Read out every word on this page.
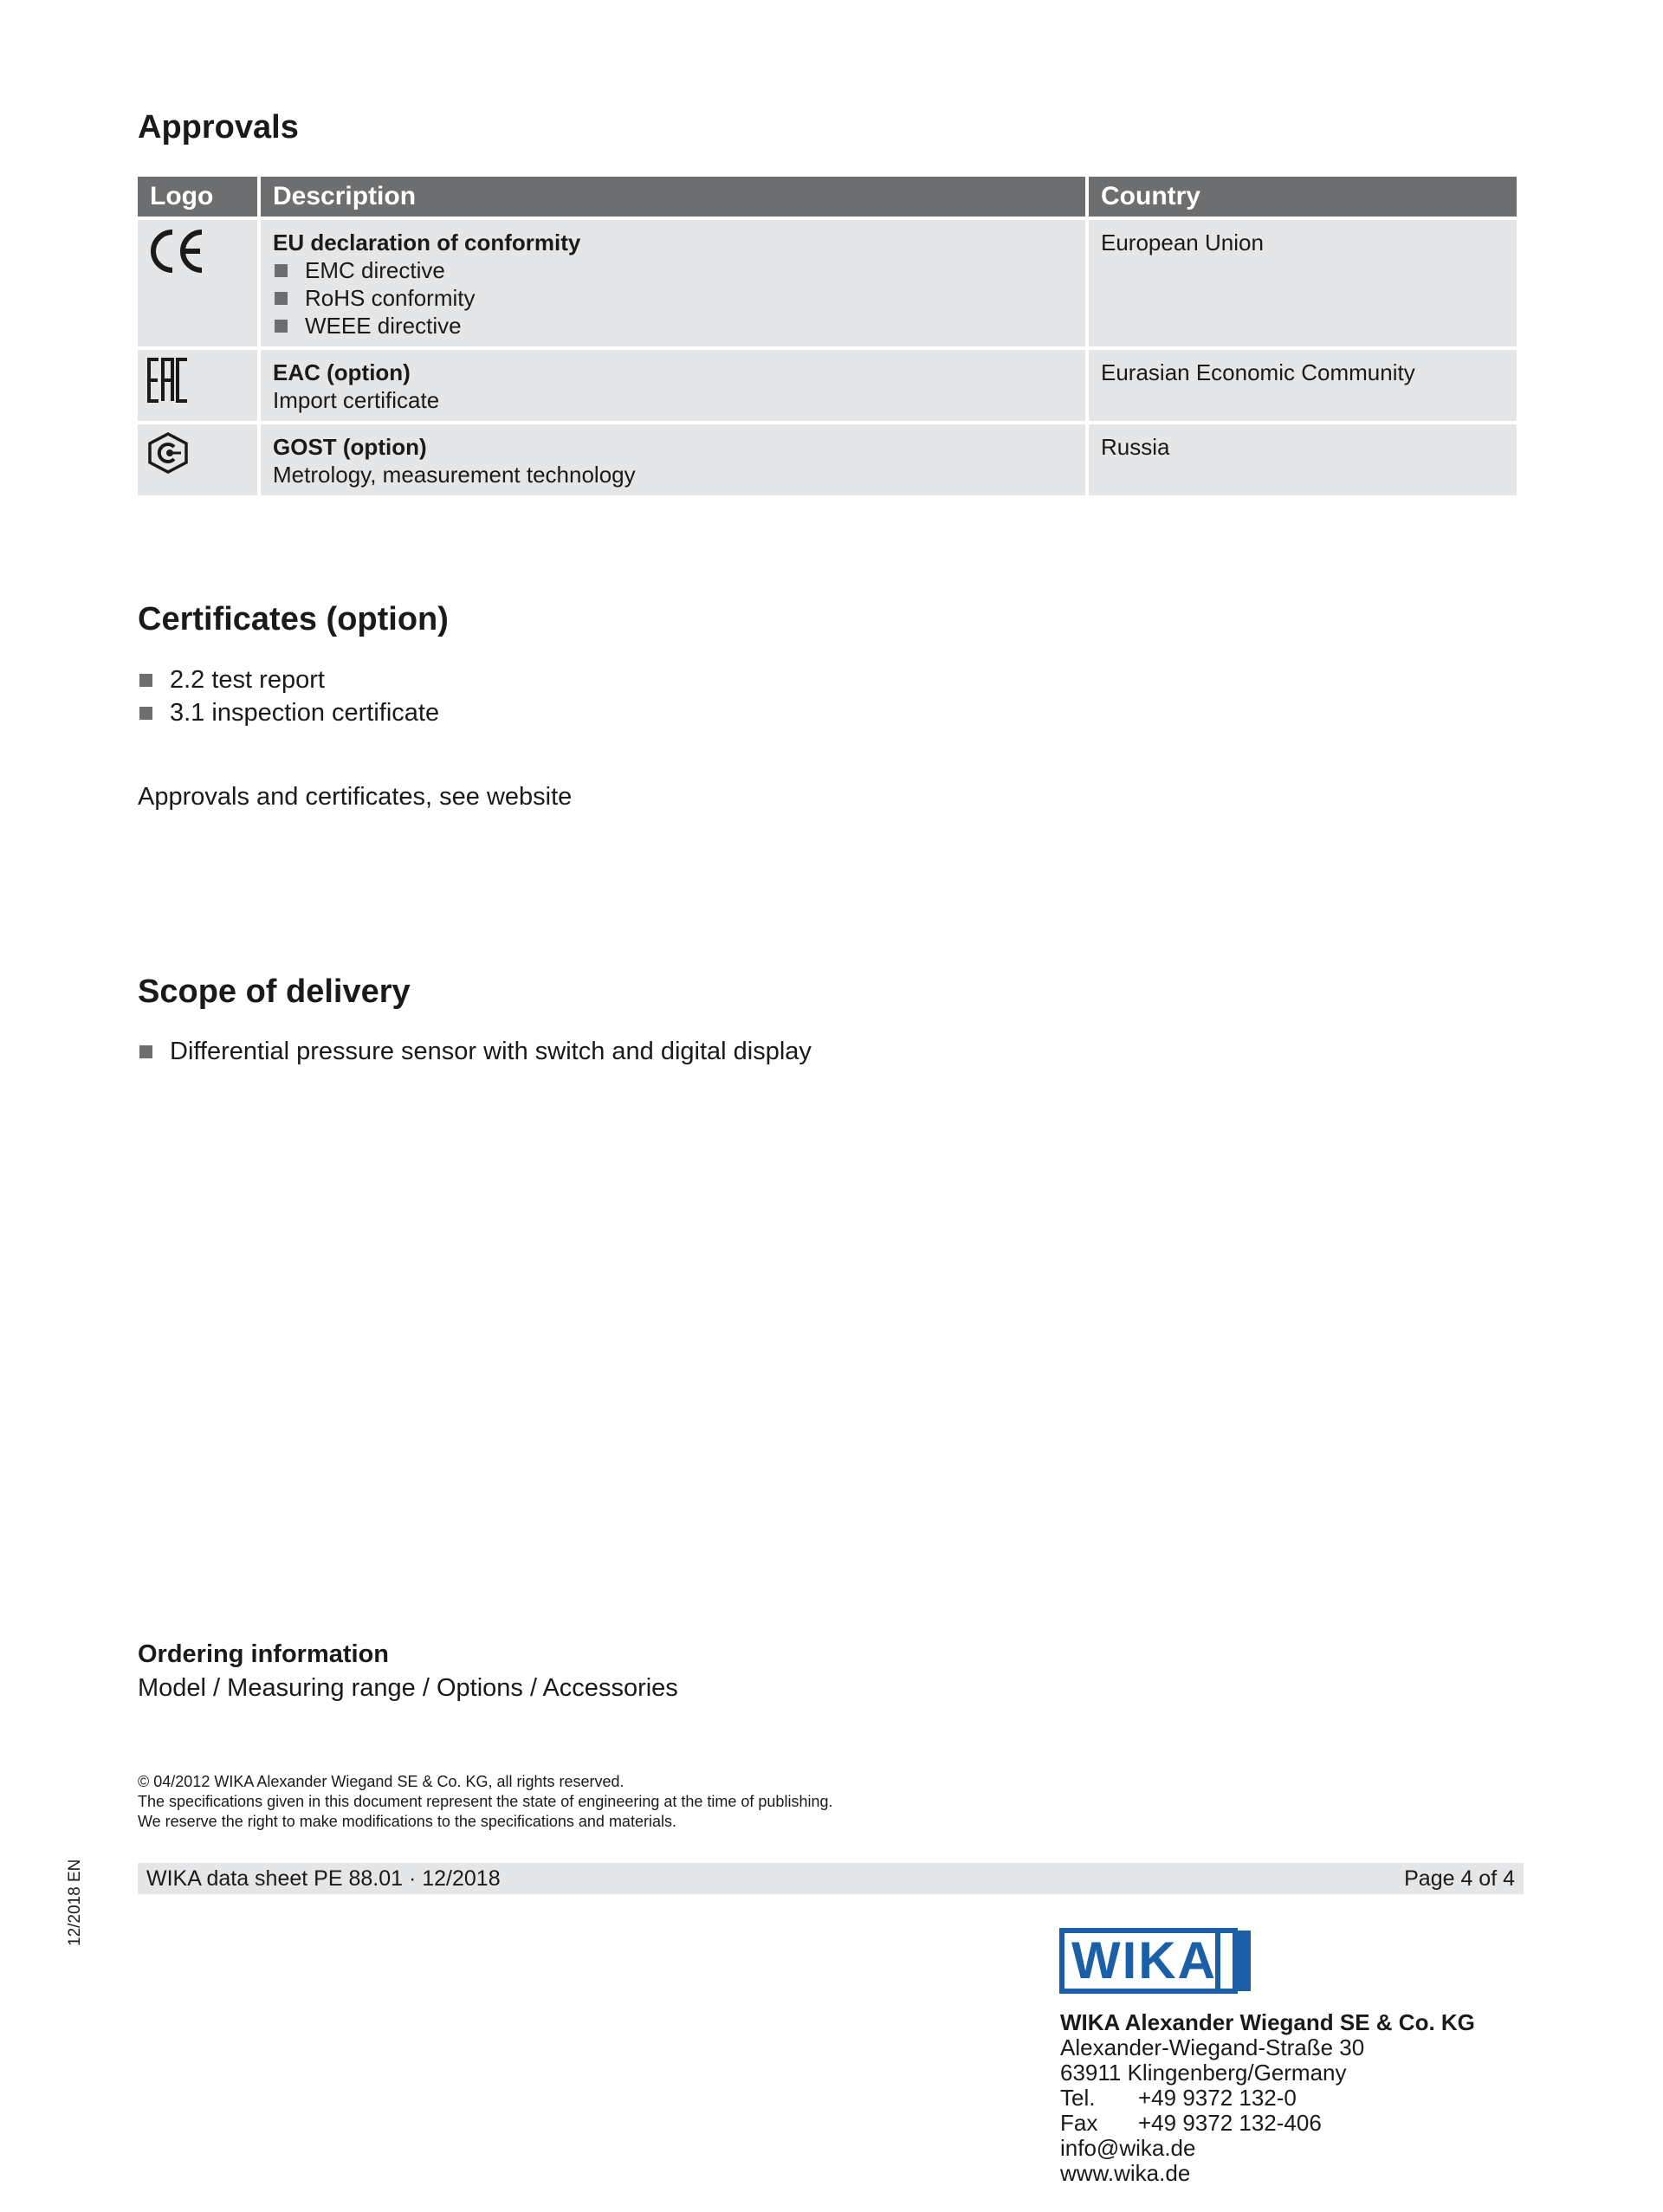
Approvals
Logo	Description	Country

EU declaration of conformity
EMC directive
RoHS conformity
WEEE directive	European Union

EAC (option)
Import certificate	Eurasian Economic Community

GOST (option)
Metrology, measurement technology	Russia
Certificates (option)
2.2 test report
3.1 inspection certificate
Approvals and certificates, see website
Scope of delivery
Differential pressure sensor with switch and digital display
Ordering information
Model / Measuring range / Options / Accessories
© 04/2012 WIKA Alexander Wiegand SE & Co. KG, all rights reserved.
The specifications given in this document represent the state of engineering at the time of publishing.
We reserve the right to make modifications to the specifications and materials.
WIKA data sheet PE 88.01 · 12/2018	Page 4 of 4
12/2018 EN
WIKA
WIKA Alexander Wiegand SE & Co. KG
Alexander-Wiegand-Straße 30
63911 Klingenberg/Germany
Tel. +49 9372 132-0
Fax +49 9372 132-406
info@wika.de
www.wika.de
